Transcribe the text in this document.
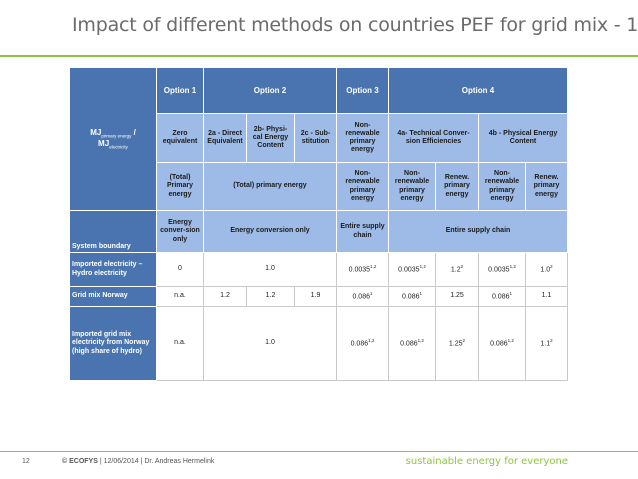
Impact of different methods on countries PEF for grid mix - 1
$MJ_{primary energy}$ /
$MJ_{electricity}$	Option 1	Option 2			Option 3	Option 4			
	Zero equivalent	2a - Direct Equivalent	2b- Physi-cal Energy Content	2c - Sub-stitution	Non-renewable primary energy	4a- Technical Conver-sion Efficiencies		4b - Physical Energy Content	
	(Total) Primary energy	(Total) primary energy			Non-renewable primary energy	Non-renewable primary energy	Renew. primary energy	Non-renewable primary energy	Renew. primary energy
System boundary	Energy conver-sion only	Energy conversion only			Entire supply chain	Entire supply chain			
Imported electricity – Hydro electricity	0	1.0			0.0035$^{1,2}$	0.0035$^{1,2}$	$1.2^2$	0.0035$^{1,2}$	$1.0^2$
Grid mix Norway	n.a.	1.2	1.2	1.9	0.086$^1$	0.086$^1$	1.25	0.086$^1$	1.1
Imported grid mix electricity from Norway (high share of hydro)	n.a.	1.0			0.086$^{1,2}$	0.086$^{1,2}$	1.25$^2$	0.086$^{1,2}$	$1.1^2$
12	© ECOFYS | 12/06/2014 | Dr. Andreas Hermelink	sustainable energy for everyone
